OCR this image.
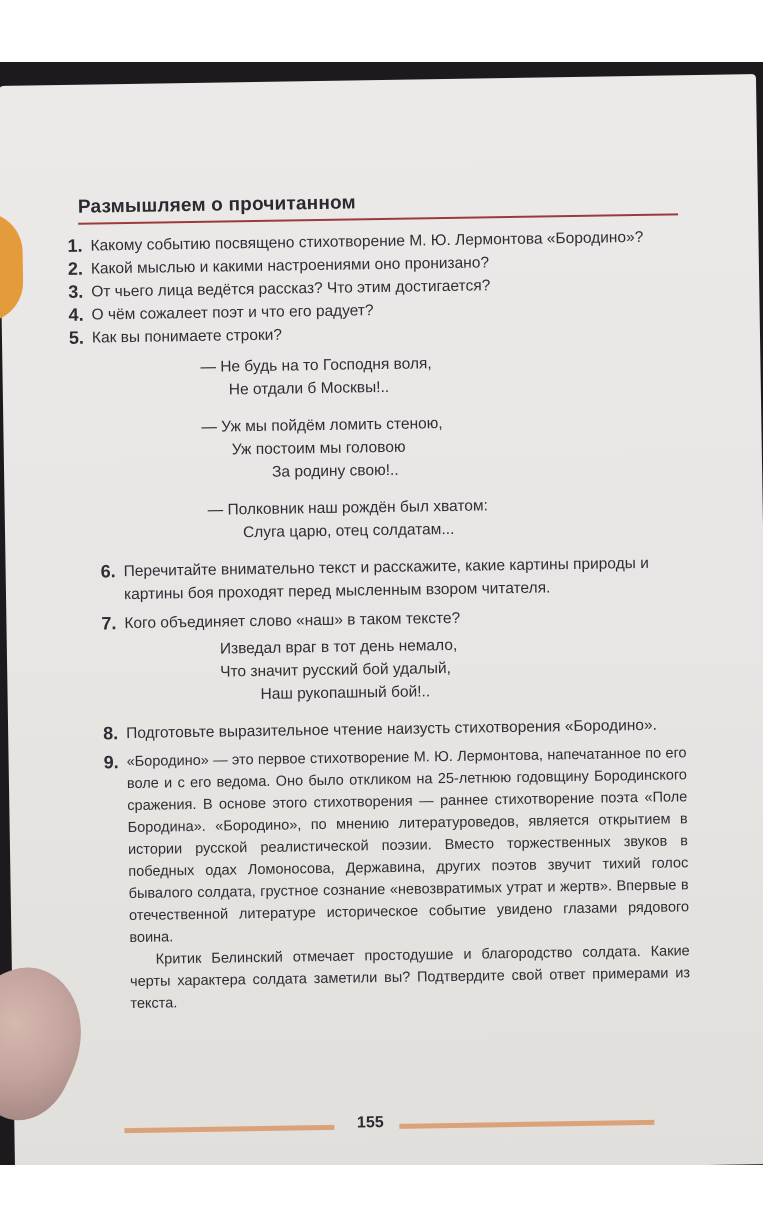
Размышляем о прочитанном

1. Какому событию посвящено стихотворение М. Ю. Лермонтова «Бородино»?

2. Какой мыслью и какими настроениями оно пронизано?

3. От чьего лица ведётся рассказ? Что этим достигается?

4. О чём сожалеет поэт и что его радует?

5. Как вы понимаете строки?

— Не будь на то Господня воля,
Не отдали б Москвы!..
— Уж мы пойдём ломить стеною,
Уж постоим мы головою
За родину свою!..
— Полковник наш рождён был хватом:
Слуга царю, отец солдатам...

6. Перечитайте внимательно текст и расскажите, какие картины природы и картины боя проходят перед мысленным взором читателя.

7. Кого объединяет слово «наш» в таком тексте?

Изведал враг в тот день немало,
Что значит русский бой удалый,
Наш рукопашный бой!..

8. Подготовьте выразительное чтение наизусть стихотворения «Бородино».

9. «Бородино» — это первое стихотворение М. Ю. Лермонтова, напечатанное по его воле и с его ведома. Оно было откликом на 25-летнюю годовщину Бородинского сражения. В основе этого стихотворения — раннее стихотворение поэта «Поле Бородина». «Бородино», по мнению литературоведов, является открытием в истории русской реалистической поэзии. Вместо торжественных звуков в победных одах Ломоносова, Державина, других поэтов звучит тихий голос бывалого солдата, грустное сознание «невозвратимых утрат и жертв». Впервые в отечественной литературе историческое событие увидено глазами рядового воина.

Критик Белинский отмечает простодушие и благородство солдата. Какие черты характера солдата заметили вы? Подтвердите свой ответ примерами из текста.

155
